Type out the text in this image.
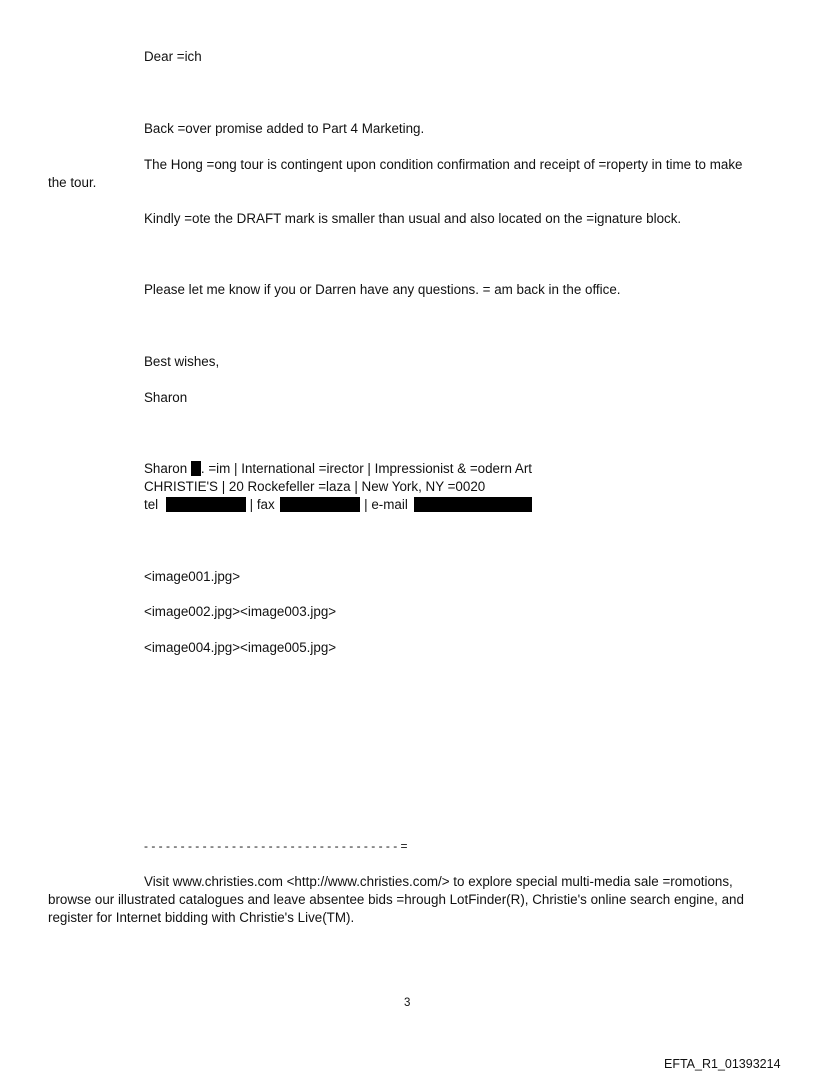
Dear =ich
Back =over promise added to Part 4 Marketing.
The Hong =ong tour is contingent upon condition confirmation and receipt of =roperty in time to make
the tour.
Kindly =ote the DRAFT mark is smaller than usual and also located on the =ignature block.
Please let me know if you or Darren have any questions. = am back in the office.
Best wishes,
Sharon
Sharon . =im | International =irector | Impressionist & =odern Art
CHRISTIE'S | 20 Rockefeller =laza | New York, NY =0020
tel	| fax	| e-mail
<image001.jpg>
<image002.jpg><image003.jpg>
<image004.jpg><image005.jpg>
- - - - - - - - - - - - - - - - - - - - - - - - - - - - - - - - - - - =
Visit www.christies.com <http://www.christies.com/> to explore special multi-media sale =romotions,
browse our illustrated catalogues and leave absentee bids =hrough LotFinder(R), Christie's online search engine, and
register for Internet bidding with Christie's Live(TM).
3
EFTA_R1_01393214
